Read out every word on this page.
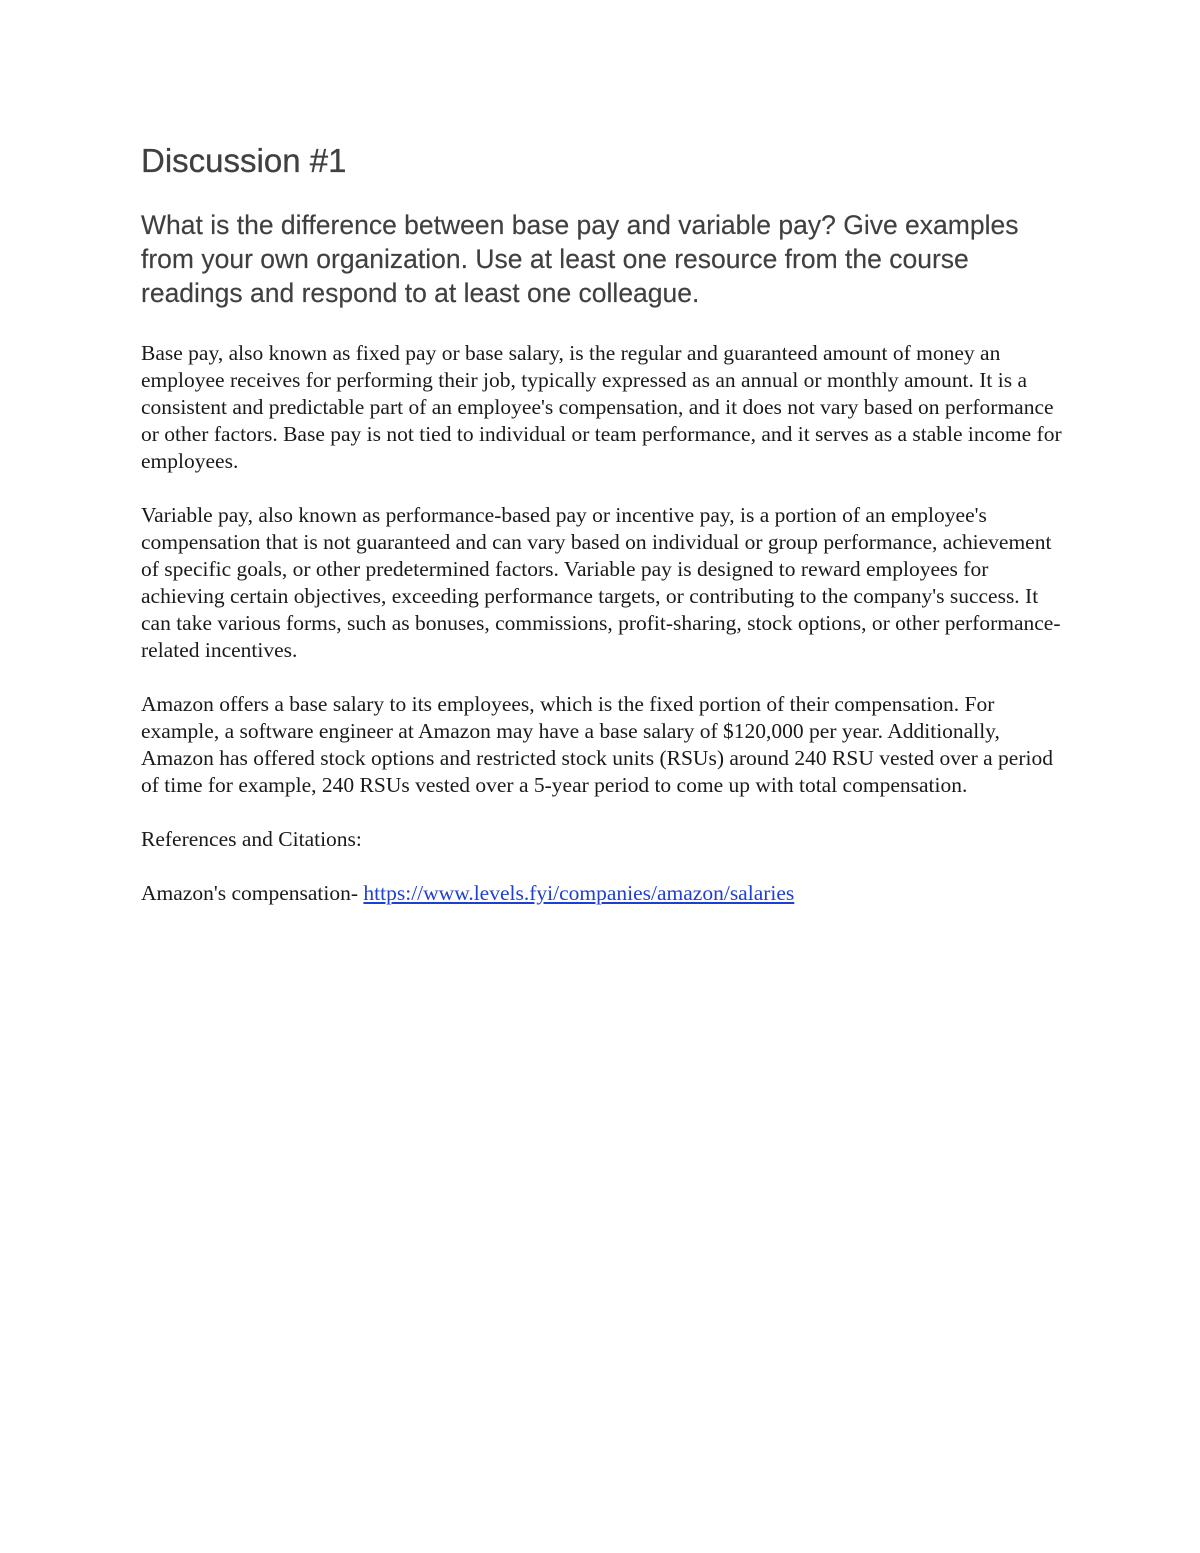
Discussion #1

What is the difference between base pay and variable pay? Give examples from your own organization. Use at least one resource from the course readings and respond to at least one colleague.

Base pay, also known as fixed pay or base salary, is the regular and guaranteed amount of money an employee receives for performing their job, typically expressed as an annual or monthly amount. It is a consistent and predictable part of an employee's compensation, and it does not vary based on performance or other factors. Base pay is not tied to individual or team performance, and it serves as a stable income for employees.

Variable pay, also known as performance-based pay or incentive pay, is a portion of an employee's compensation that is not guaranteed and can vary based on individual or group performance, achievement of specific goals, or other predetermined factors. Variable pay is designed to reward employees for achieving certain objectives, exceeding performance targets, or contributing to the company's success. It can take various forms, such as bonuses, commissions, profit-sharing, stock options, or other performance-related incentives.

Amazon offers a base salary to its employees, which is the fixed portion of their compensation. For example, a software engineer at Amazon may have a base salary of $120,000 per year. Additionally, Amazon has offered stock options and restricted stock units (RSUs) around 240 RSU vested over a period of time for example, 240 RSUs vested over a 5-year period to come up with total compensation.

References and Citations:

Amazon's compensation- https://www.levels.fyi/companies/amazon/salaries
